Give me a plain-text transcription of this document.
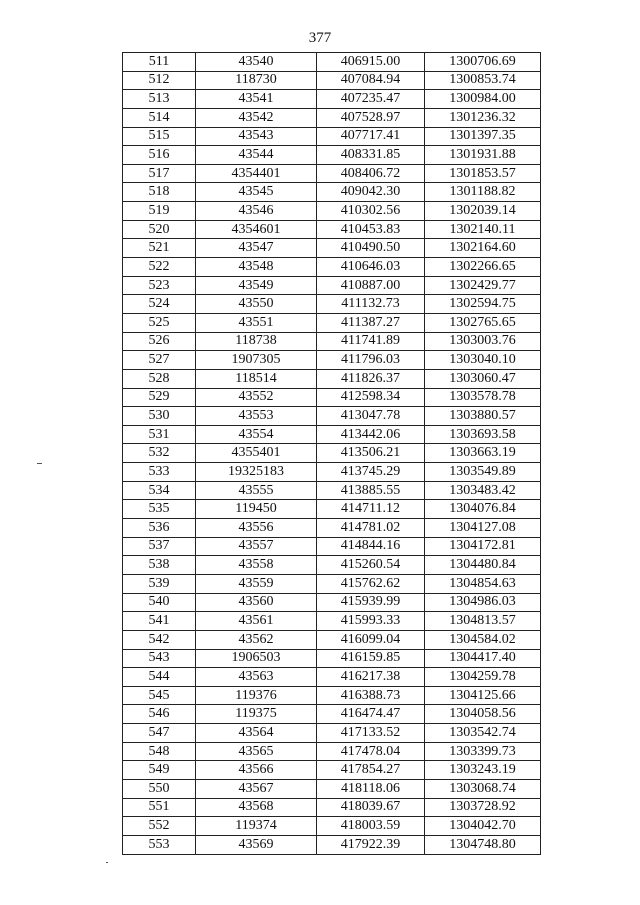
377
511	43540	406915.00	1300706.69
512	118730	407084.94	1300853.74
513	43541	407235.47	1300984.00
514	43542	407528.97	1301236.32
515	43543	407717.41	1301397.35
516	43544	408331.85	1301931.88
517	4354401	408406.72	1301853.57
518	43545	409042.30	1301188.82
519	43546	410302.56	1302039.14
520	4354601	410453.83	1302140.11
521	43547	410490.50	1302164.60
522	43548	410646.03	1302266.65
523	43549	410887.00	1302429.77
524	43550	411132.73	1302594.75
525	43551	411387.27	1302765.65
526	118738	411741.89	1303003.76
527	1907305	411796.03	1303040.10
528	118514	411826.37	1303060.47
529	43552	412598.34	1303578.78
530	43553	413047.78	1303880.57
531	43554	413442.06	1303693.58
532	4355401	413506.21	1303663.19
533	19325183	413745.29	1303549.89
534	43555	413885.55	1303483.42
535	119450	414711.12	1304076.84
536	43556	414781.02	1304127.08
537	43557	414844.16	1304172.81
538	43558	415260.54	1304480.84
539	43559	415762.62	1304854.63
540	43560	415939.99	1304986.03
541	43561	415993.33	1304813.57
542	43562	416099.04	1304584.02
543	1906503	416159.85	1304417.40
544	43563	416217.38	1304259.78
545	119376	416388.73	1304125.66
546	119375	416474.47	1304058.56
547	43564	417133.52	1303542.74
548	43565	417478.04	1303399.73
549	43566	417854.27	1303243.19
550	43567	418118.06	1303068.74
551	43568	418039.67	1303728.92
552	119374	418003.59	1304042.70
553	43569	417922.39	1304748.80
